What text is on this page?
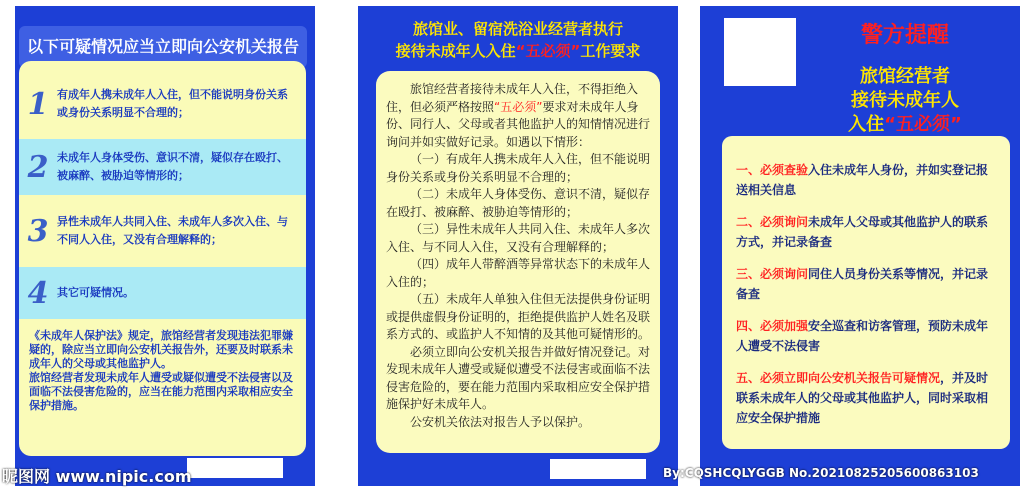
以下可疑情况应当立即向公安机关报告
1 有成年人携未成年人入住，但不能说明身份关系或身份关系明显不合理的；
2 未成年人身体受伤、意识不清，疑似存在殴打、被麻醉、被胁迫等情形的；
3 异性未成年人共同入住、未成年人多次入住、与不同人入住，又没有合理解释的；
4 其它可疑情况。

《未成年人保护法》规定，旅馆经营者发现违法犯罪嫌疑的，除应当立即向公安机关报告外，还要及时联系未成年人的父母或其他监护人。

旅馆经营者发现未成年人遭受或疑似遭受不法侵害以及面临不法侵害危险的，应当在能力范围内采取相应安全保护措施。

旅馆业、留宿洗浴业经营者执行
接待未成年人入住“五必须”工作要求

旅馆经营者接待未成年人入住，不得拒绝入住，但必须严格按照“五必须”要求对未成年人身份、同行人、父母或者其他监护人的知情情况进行询问并如实做好记录。如遇以下情形：

（一）有成年人携未成年人入住，但不能说明身份关系或身份关系明显不合理的；

（二）未成年人身体受伤、意识不清，疑似存在殴打、被麻醉、被胁迫等情形的；

（三）异性未成年人共同入住、未成年人多次入住、与不同人入住，又没有合理解释的；

（四）成年人带醉酒等异常状态下的未成年人入住的；

（五）未成年人单独入住但无法提供身份证明或提供虚假身份证明的，拒绝提供监护人姓名及联系方式的、或监护人不知情的及其他可疑情形的。

必须立即向公安机关报告并做好情况登记。对发现未成年人遭受或疑似遭受不法侵害或面临不法侵害危险的，要在能力范围内采取相应安全保护措施保护好未成年人。

公安机关依法对报告人予以保护。

警方提醒
旅馆经营者
接待未成年人
入住“五必须”
一、必须查验入住未成年人身份，并如实登记报送相关信息
二、必须询问未成年人父母或其他监护人的联系方式，并记录备查
三、必须询问同住人员身份关系等情况，并记录备查
四、必须加强安全巡查和访客管理，预防未成年人遭受不法侵害
五、必须立即向公安机关报告可疑情况，并及时联系未成年人的父母或其他监护人，同时采取相应安全保护措施
昵图网 www.nipic.com	By:CQSHCQLYGGB No.20210825205600863103
